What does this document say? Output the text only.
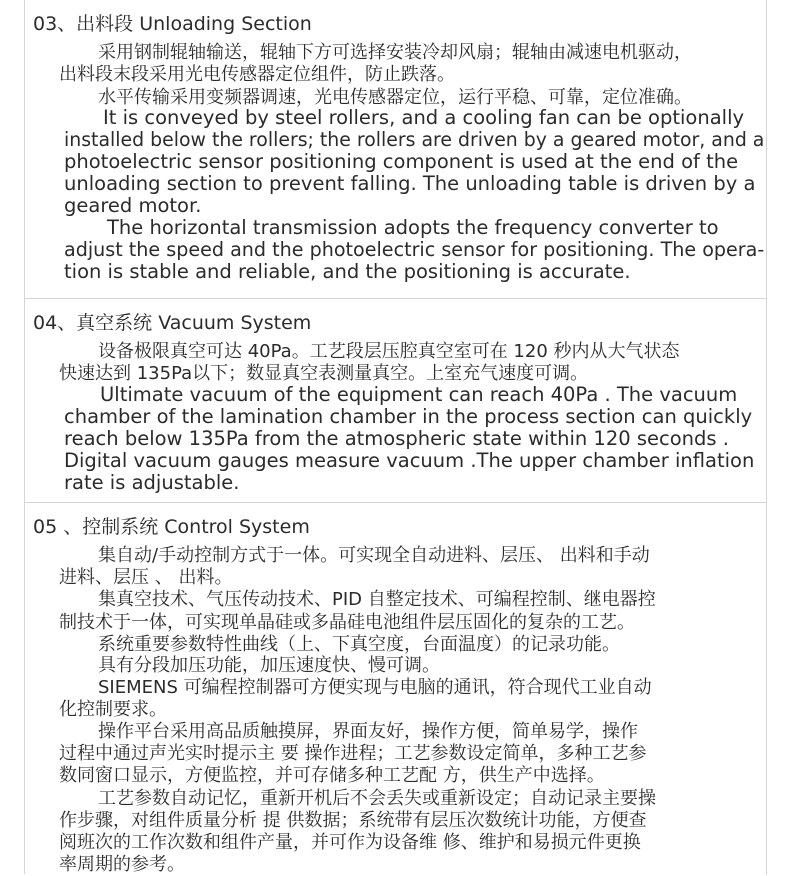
03、出料段 Unloading Section
采用钢制辊轴输送，辊轴下方可选择安装冷却风扇；辊轴由减速电机驱动，
出料段末段采用光电传感器定位组件，防止跌落。
水平传输采用变频器调速，光电传感器定位，运行平稳、可靠，定位准确。
It is conveyed by steel rollers, and a cooling fan can be optionally
installed below the rollers; the rollers are driven by a geared motor, and a
photoelectric sensor positioning component is used at the end of the
unloading section to prevent falling. The unloading table is driven by a
geared motor.
The horizontal transmission adopts the frequency converter to
adjust the speed and the photoelectric sensor for positioning. The opera-
tion is stable and reliable, and the positioning is accurate.
04、真空系统 Vacuum System
设备极限真空可达 40Pa。工艺段层压腔真空室可在 120 秒内从大气状态
快速达到 135Pa以下；数显真空表测量真空。上室充气速度可调。
Ultimate vacuum of the equipment can reach 40Pa . The vacuum
chamber of the lamination chamber in the process section can quickly
reach below 135Pa from the atmospheric state within 120 seconds .
Digital vacuum gauges measure vacuum .The upper chamber inflation
rate is adjustable.
05 、控制系统 Control System
集自动/手动控制方式于一体。可实现全自动进料、层压、 出料和手动
进料、层压 、 出料。
集真空技术、气压传动技术、PID 自整定技术、可编程控制、继电器控
制技术于一体，可实现单晶硅或多晶硅电池组件层压固化的复杂的工艺。
系统重要参数特性曲线（上、下真空度，台面温度）的记录功能。
具有分段加压功能，加压速度快、慢可调。
SIEMENS 可编程控制器可方便实现与电脑的通讯，符合现代工业自动
化控制要求。
操作平台采用高品质触摸屏，界面友好，操作方便，简单易学，操作
过程中通过声光实时提示主 要 操作进程；工艺参数设定简单，多种工艺参
数同窗口显示，方便监控，并可存储多种工艺配 方，供生产中选择。
工艺参数自动记忆，重新开机后不会丢失或重新设定；自动记录主要操
作步骤，对组件质量分析 提 供数据；系统带有层压次数统计功能，方便查
阅班次的工作次数和组件产量，并可作为设备维 修、维护和易损元件更换
率周期的参考。
